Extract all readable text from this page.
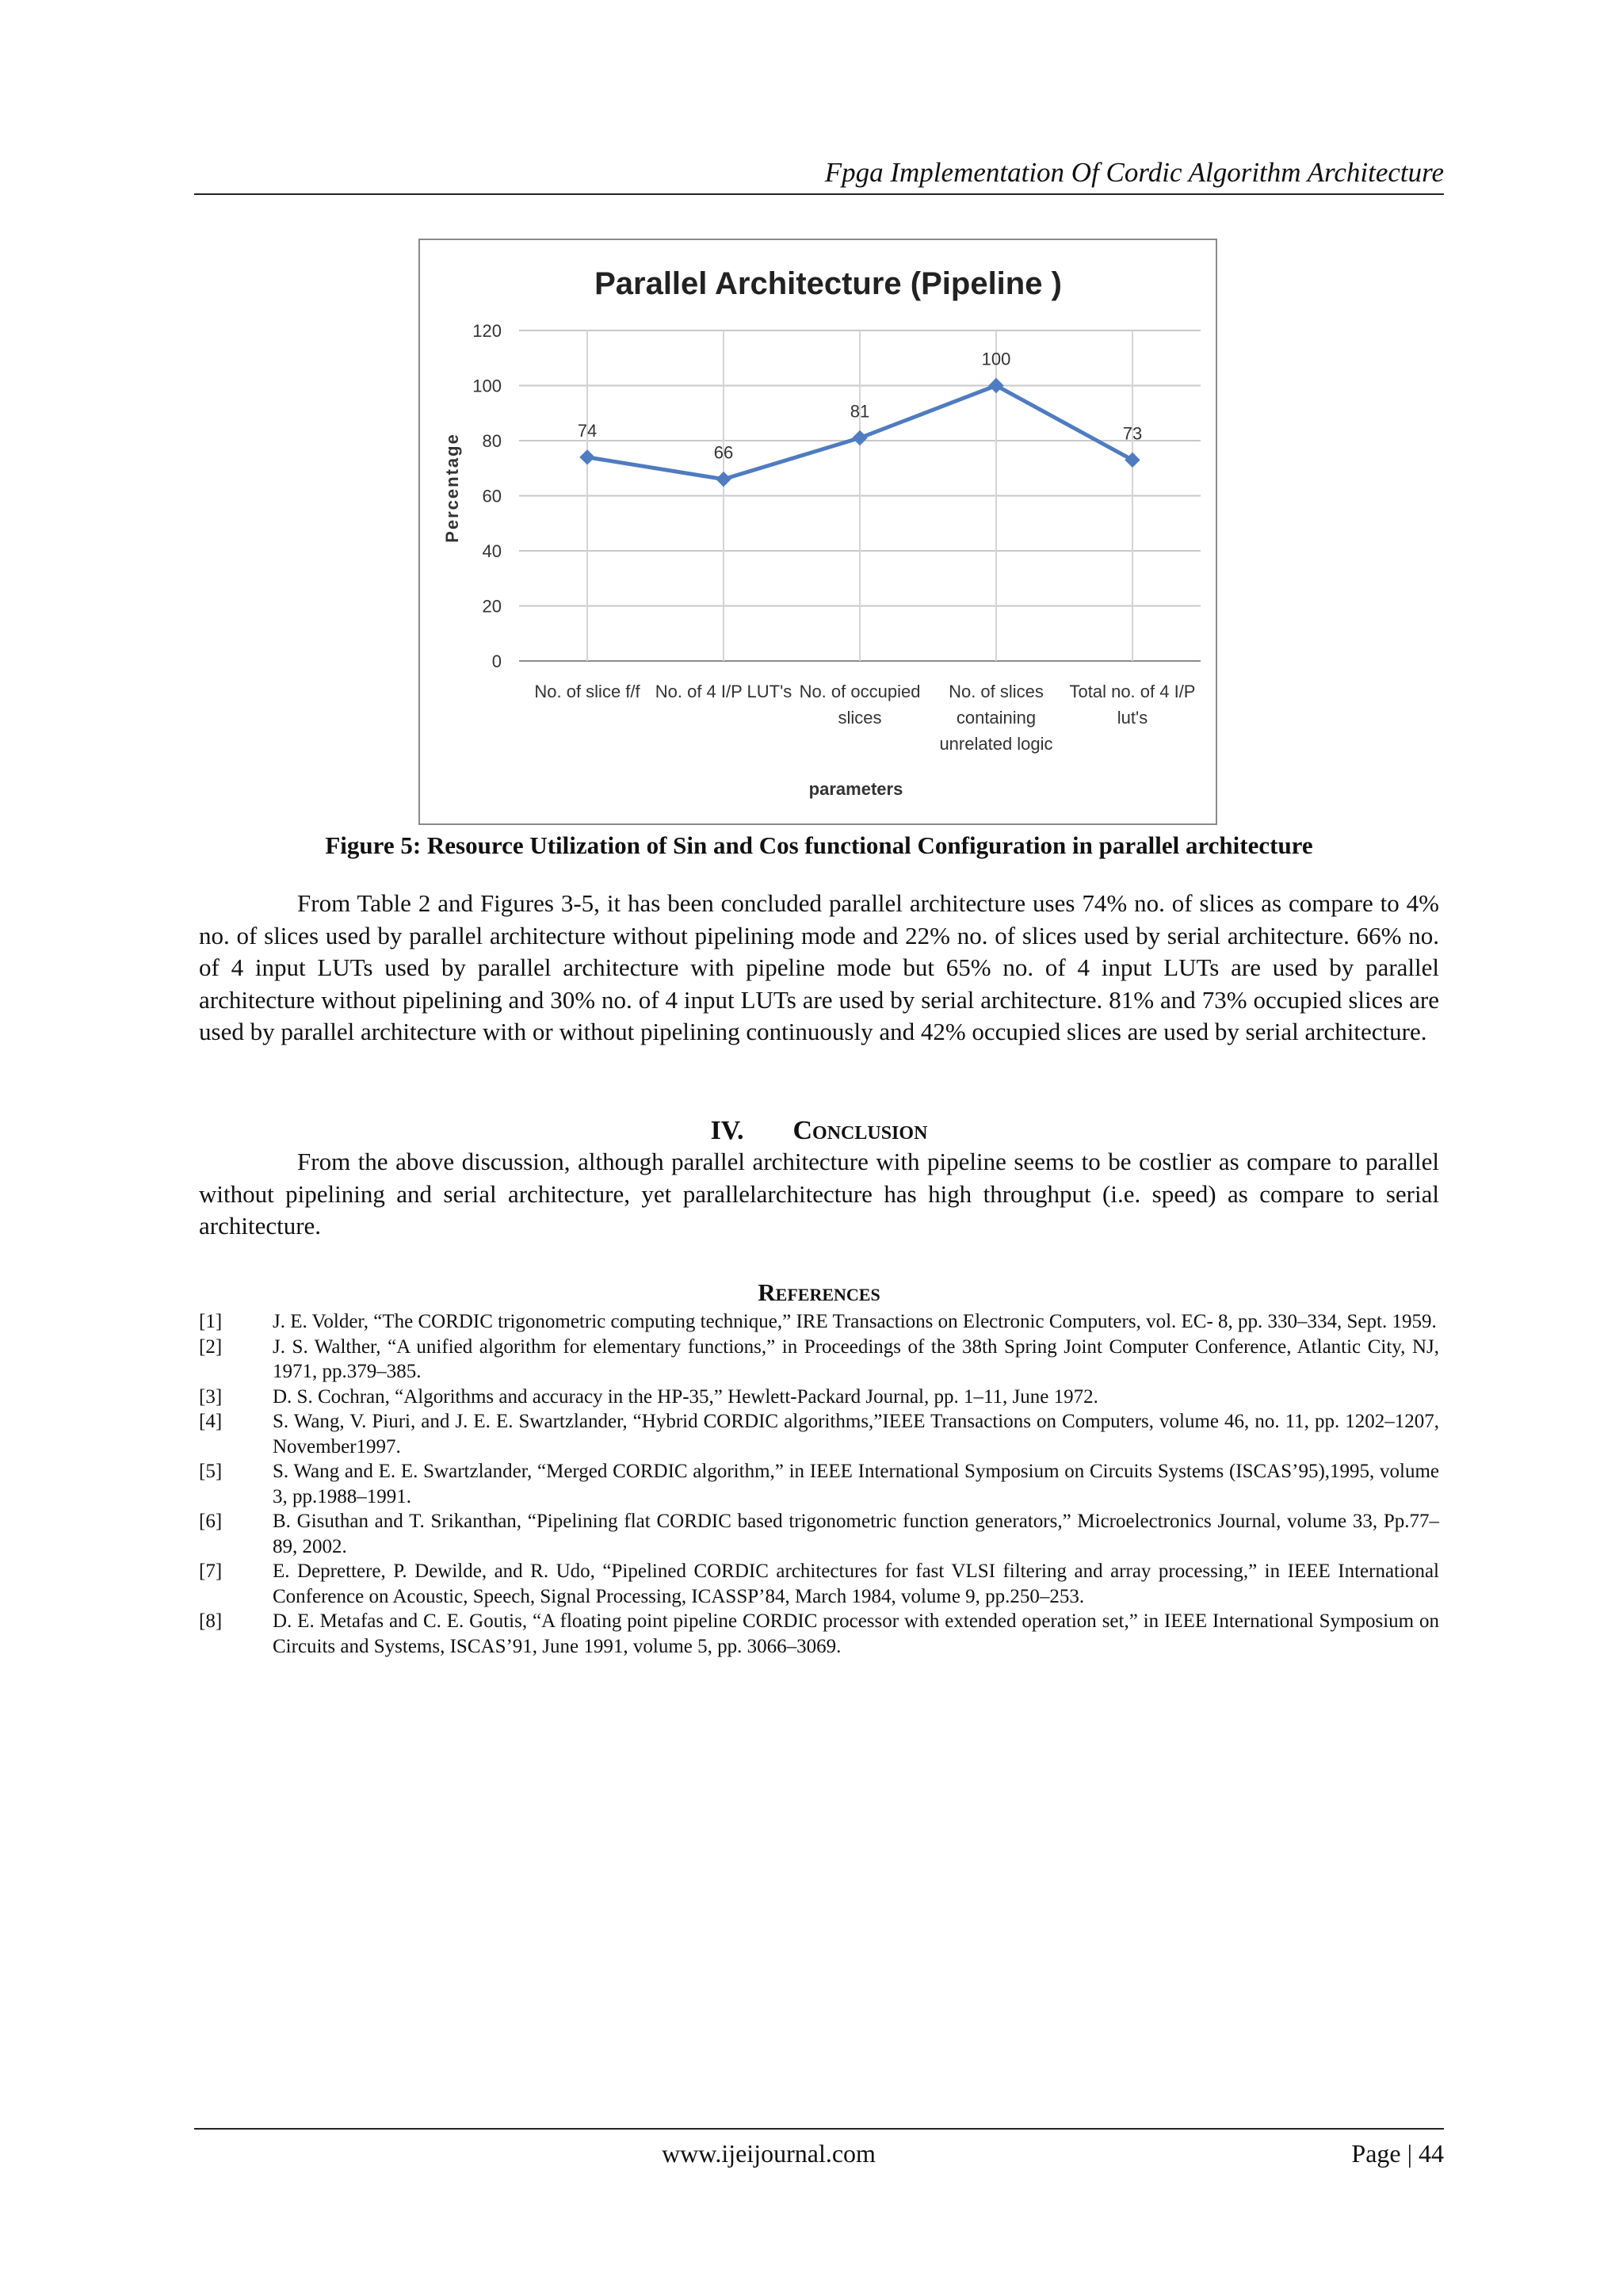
Fpga Implementation Of Cordic Algorithm Architecture
Parallel Architecture (Pipeline )
0
20
40
60
80
100
120
Percentage
No. of slice f/f No. of 4 I/P LUT's No. of occupied
slices
No. of slices
containing
unrelated logic
Total no. of 4 I/P
lut's
parameters
74
66
81
100
73
Figure 5: Resource Utilization of Sin and Cos functional Configuration in parallel architecture

From Table 2 and Figures 3-5, it has been concluded parallel architecture uses 74% no. of slices as compare to 4% no. of slices used by parallel architecture without pipelining mode and 22% no. of slices used by serial architecture. 66% no. of 4 input LUTs used by parallel architecture with pipeline mode but 65% no. of 4 input LUTs are used by parallel architecture without pipelining and 30% no. of 4 input LUTs are used by serial architecture. 81% and 73% occupied slices are used by parallel architecture with or without pipelining continuously and 42% occupied slices are used by serial architecture.

IV. Conclusion

From the above discussion, although parallel architecture with pipeline seems to be costlier as compare to parallel without pipelining and serial architecture, yet parallelarchitecture has high throughput (i.e. speed) as compare to serial architecture.

References
[1]	J. E. Volder, “The CORDIC trigonometric computing technique,” IRE Transactions on Electronic Computers, vol. EC- 8, pp. 330–334, Sept. 1959.
[2]	J. S. Walther, “A unified algorithm for elementary functions,” in Proceedings of the 38th Spring Joint Computer Conference, Atlantic City, NJ, 1971, pp.379–385.
[3]	D. S. Cochran, “Algorithms and accuracy in the HP-35,” Hewlett-Packard Journal, pp. 1–11, June 1972.
[4]	S. Wang, V. Piuri, and J. E. E. Swartzlander, “Hybrid CORDIC algorithms,”IEEE Transactions on Computers, volume 46, no. 11, pp. 1202–1207, November1997.
[5]	S. Wang and E. E. Swartzlander, “Merged CORDIC algorithm,” in IEEE International Symposium on Circuits Systems (ISCAS’95),1995, volume 3, pp.1988–1991.
[6]	B. Gisuthan and T. Srikanthan, “Pipelining flat CORDIC based trigonometric function generators,” Microelectronics Journal, volume 33, Pp.77–89, 2002.
[7]	E. Deprettere, P. Dewilde, and R. Udo, “Pipelined CORDIC architectures for fast VLSI filtering and array processing,” in IEEE International Conference on Acoustic, Speech, Signal Processing, ICASSP’84, March 1984, volume 9, pp.250–253.
[8]	D. E. Metafas and C. E. Goutis, “A floating point pipeline CORDIC processor with extended operation set,” in IEEE International Symposium on Circuits and Systems, ISCAS’91, June 1991, volume 5, pp. 3066–3069.
www.ijeijournal.com	Page | 44
